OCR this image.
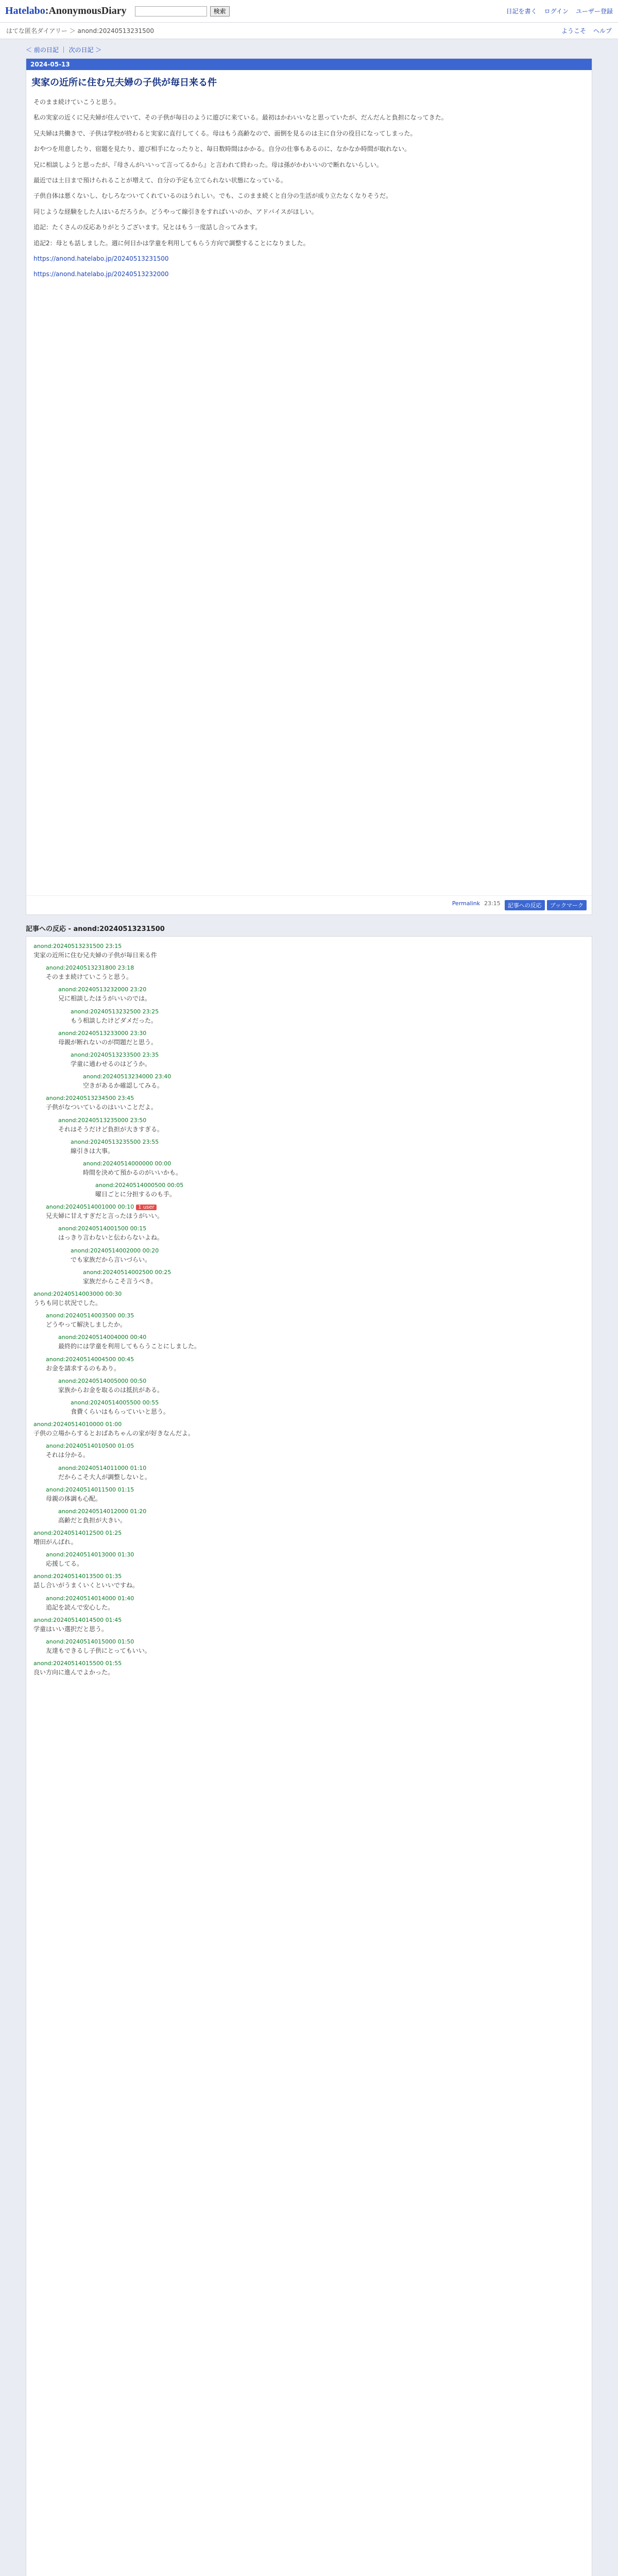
Hatelabo:AnonymousDiary	検索	日記を書く ログイン ユーザー登録
はてな匿名ダイアリー ＞ anond:20240513231500	ようこそ ヘルプ
＜ 前の日記 ｜ 次の日記 ＞
2024-05-13
実家の近所に住む兄夫婦の子供が毎日来る件

そのまま続けていこうと思う。

私の実家の近くに兄夫婦が住んでいて、その子供が毎日のように遊びに来ている。最初はかわいいなと思っていたが、だんだんと負担になってきた。

兄夫婦は共働きで、子供は学校が終わると実家に直行してくる。母はもう高齢なので、面倒を見るのは主に自分の役目になってしまった。

おやつを用意したり、宿題を見たり、遊び相手になったりと、毎日数時間はかかる。自分の仕事もあるのに、なかなか時間が取れない。

兄に相談しようと思ったが、『母さんがいいって言ってるから』と言われて終わった。母は孫がかわいいので断れないらしい。

最近では土日まで預けられることが増えて、自分の予定も立てられない状態になっている。

子供自体は悪くないし、むしろなついてくれているのはうれしい。でも、このまま続くと自分の生活が成り立たなくなりそうだ。

同じような経験をした人はいるだろうか。どうやって線引きをすればいいのか、アドバイスがほしい。

追記：たくさんの反応ありがとうございます。兄とはもう一度話し合ってみます。

追記2：母とも話しました。週に何日かは学童を利用してもらう方向で調整することになりました。

https://anond.hatelabo.jp/20240513231500

https://anond.hatelabo.jp/20240513232000

Permalink 23:15	記事への反応	ブックマーク
記事への反応 - anond:20240513231500
anond:20240513231500 23:15
実家の近所に住む兄夫婦の子供が毎日来る件
anond:20240513231800 23:18
そのまま続けていこうと思う。
anond:20240513232000 23:20
兄に相談したほうがいいのでは。
anond:20240513232500 23:25
もう相談したけどダメだった。
anond:20240513233000 23:30
母親が断れないのが問題だと思う。
anond:20240513233500 23:35
学童に通わせるのはどうか。
anond:20240513234000 23:40
空きがあるか確認してみる。
anond:20240513234500 23:45
子供がなついているのはいいことだよ。
anond:20240513235000 23:50
それはそうだけど負担が大きすぎる。
anond:20240513235500 23:55
線引きは大事。
anond:20240514000000 00:00
時間を決めて預かるのがいいかも。
anond:20240514000500 00:05
曜日ごとに分担するのも手。
anond:20240514001000 00:10 1 user
兄夫婦に甘えすぎだと言ったほうがいい。
anond:20240514001500 00:15
はっきり言わないと伝わらないよね。
anond:20240514002000 00:20
でも家族だから言いづらい。
anond:20240514002500 00:25
家族だからこそ言うべき。
anond:20240514003000 00:30
うちも同じ状況でした。
anond:20240514003500 00:35
どうやって解決しましたか。
anond:20240514004000 00:40
最終的には学童を利用してもらうことにしました。
anond:20240514004500 00:45
お金を請求するのもあり。
anond:20240514005000 00:50
家族からお金を取るのは抵抗がある。
anond:20240514005500 00:55
食費くらいはもらっていいと思う。
anond:20240514010000 01:00
子供の立場からするとおばあちゃんの家が好きなんだよ。
anond:20240514010500 01:05
それは分かる。
anond:20240514011000 01:10
だからこそ大人が調整しないと。
anond:20240514011500 01:15
母親の体調も心配。
anond:20240514012000 01:20
高齢だと負担が大きい。
anond:20240514012500 01:25
増田がんばれ。
anond:20240514013000 01:30
応援してる。
anond:20240514013500 01:35
話し合いがうまくいくといいですね。
anond:20240514014000 01:40
追記を読んで安心した。
anond:20240514014500 01:45
学童はいい選択だと思う。
anond:20240514015000 01:50
友達もできるし子供にとってもいい。
anond:20240514015500 01:55
良い方向に進んでよかった。
